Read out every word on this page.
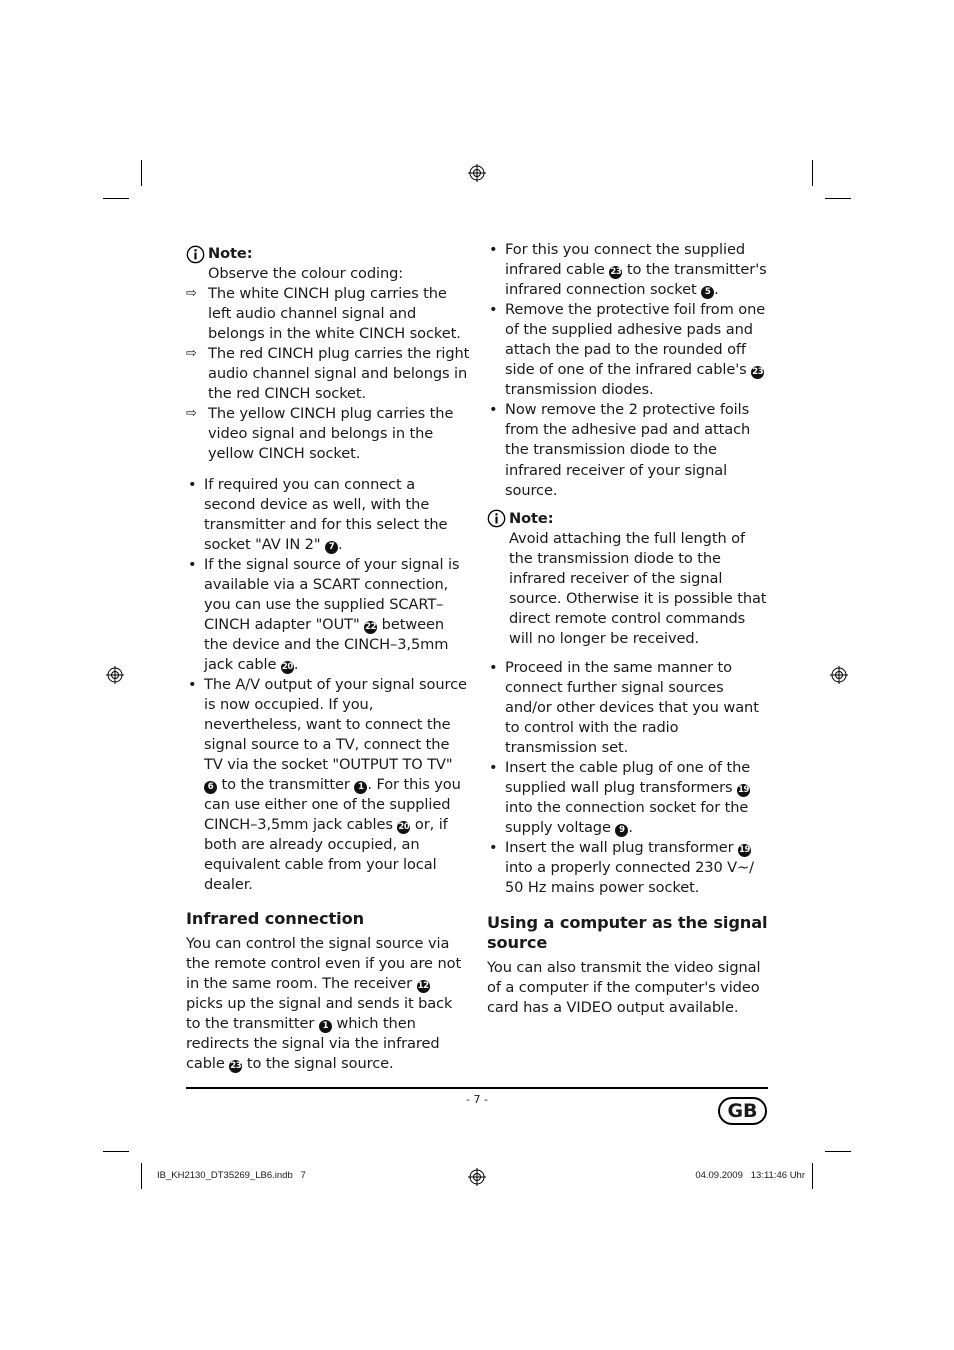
Note:
Observe the colour coding:
⇨ The white CINCH plug carries the left audio channel signal and belongs in the white CINCH socket.
⇨ The red CINCH plug carries the right audio channel signal and belongs in the red CINCH socket.
⇨ The yellow CINCH plug carries the video signal and belongs in the yellow CINCH socket.
• If required you can connect a second device as well, with the transmitter and for this select the socket "AV IN 2" 7 .
• If the signal source of your signal is available via a SCART connection, you can use the supplied SCART–CINCH adapter "OUT" 22 between the device and the CINCH–3,5mm jack cable 20.
• The A/V output of your signal source is now occupied. If you, nevertheless, want to connect the signal source to a TV, connect the TV via the socket "OUTPUT TO TV" 6 to the transmitter 1 . For this you can use either one of the supplied CINCH–3,5mm jack cables 20 or, if both are already occupied, an equivalent cable from your local dealer.
Infrared connection

You can control the signal source via the remote control even if you are not in the same room. The receiver 12 picks up the signal and sends it back to the transmitter 1 which then redirects the signal via the infrared cable 23 to the signal source.

• For this you connect the supplied infrared cable 23 to the transmitter's infrared connection socket 5 .
• Remove the protective foil from one of the supplied adhesive pads and attach the pad to the rounded off side of one of the infrared cable's 23 transmission diodes.
• Now remove the 2 protective foils from the adhesive pad and attach the transmission diode to the infrared receiver of your signal source.
Note:
Avoid attaching the full length of the transmission diode to the infrared receiver of the signal source. Otherwise it is possible that direct remote control commands will no longer be received.
• Proceed in the same manner to connect further signal sources and/or other devices that you want to control with the radio transmission set.
• Insert the cable plug of one of the supplied wall plug transformers 19 into the connection socket for the supply voltage 9 .
• Insert the wall plug transformer 19 into a properly connected 230 V~/ 50 Hz mains power socket.
Using a computer as the signal source

You can also transmit the video signal of a computer if the computer's video card has a VIDEO output available.

- 7 -
GB
IB_KH2130_DT35269_LB6.indb   7	04.09.2009   13:11:46 Uhr
